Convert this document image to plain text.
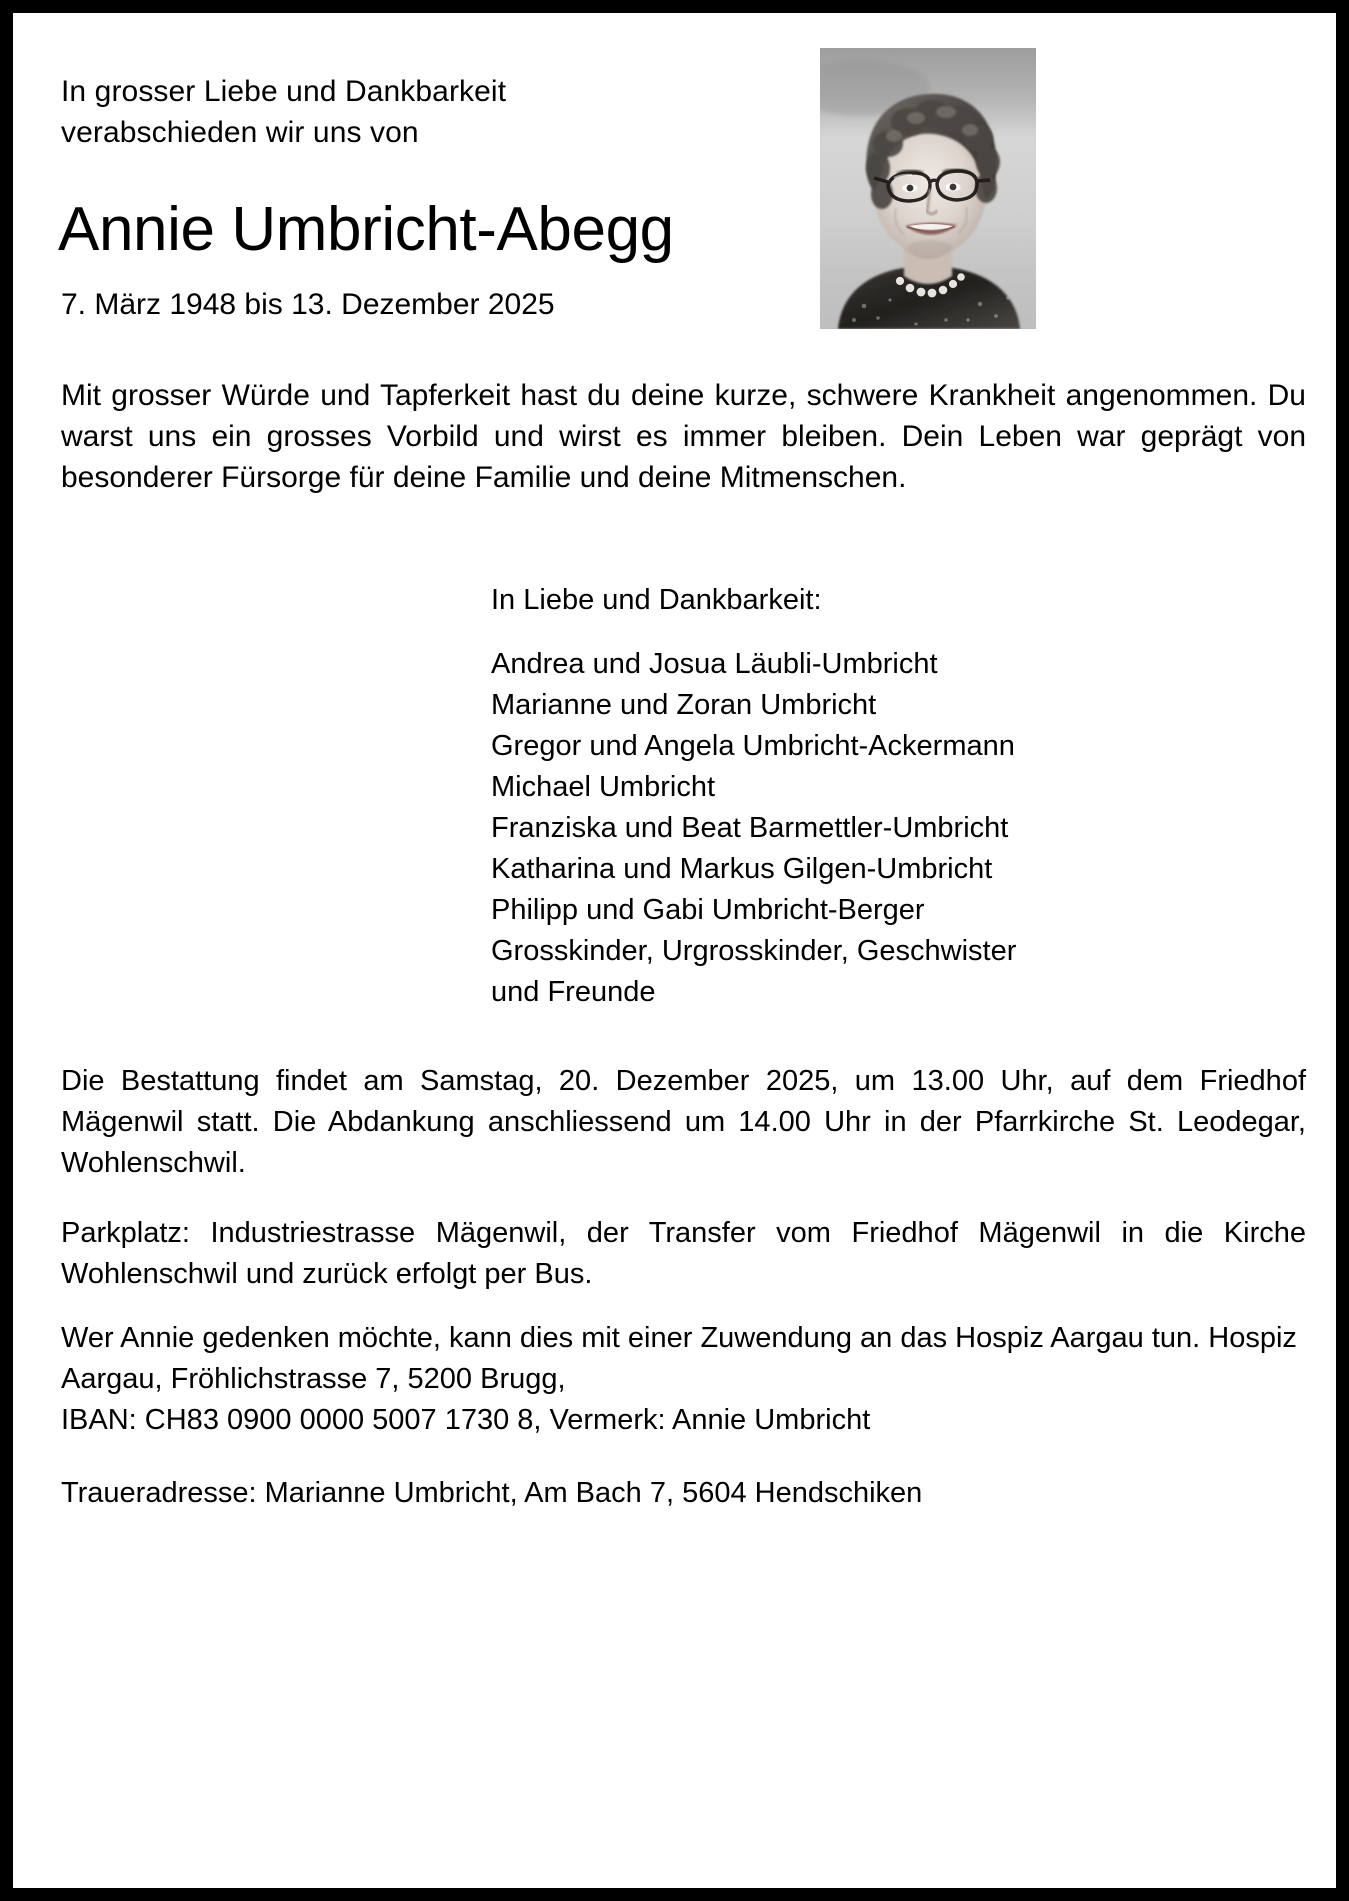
In grosser Liebe und Dankbarkeit
verabschieden wir uns von
Annie Umbricht-Abegg
7. März 1948 bis 13. Dezember 2025
Mit grosser Würde und Tapferkeit hast du deine kurze, schwere Krankheit angenommen. Du warst uns ein grosses Vorbild und wirst es immer bleiben. Dein Leben war geprägt von besonderer Fürsorge für deine Familie und deine Mitmenschen.
In Liebe und Dankbarkeit:
Andrea und Josua Läubli-Umbricht
Marianne und Zoran Umbricht
Gregor und Angela Umbricht-Ackermann
Michael Umbricht
Franziska und Beat Barmettler-Umbricht
Katharina und Markus Gilgen-Umbricht
Philipp und Gabi Umbricht-Berger
Grosskinder, Urgrosskinder, Geschwister
und Freunde
Die Bestattung findet am Samstag, 20. Dezember 2025, um 13.00 Uhr, auf dem Friedhof Mägenwil statt. Die Abdankung anschliessend um 14.00 Uhr in der Pfarrkirche St. Leodegar, Wohlenschwil.
Parkplatz: Industriestrasse Mägenwil, der Transfer vom Friedhof Mägenwil in die Kirche Wohlenschwil und zurück erfolgt per Bus.
Wer Annie gedenken möchte, kann dies mit einer Zuwendung an das Hospiz Aargau tun. Hospiz Aargau, Fröhlichstrasse 7, 5200 Brugg,
IBAN: CH83 0900 0000 5007 1730 8, Vermerk: Annie Umbricht
Traueradresse: Marianne Umbricht, Am Bach 7, 5604 Hendschiken
